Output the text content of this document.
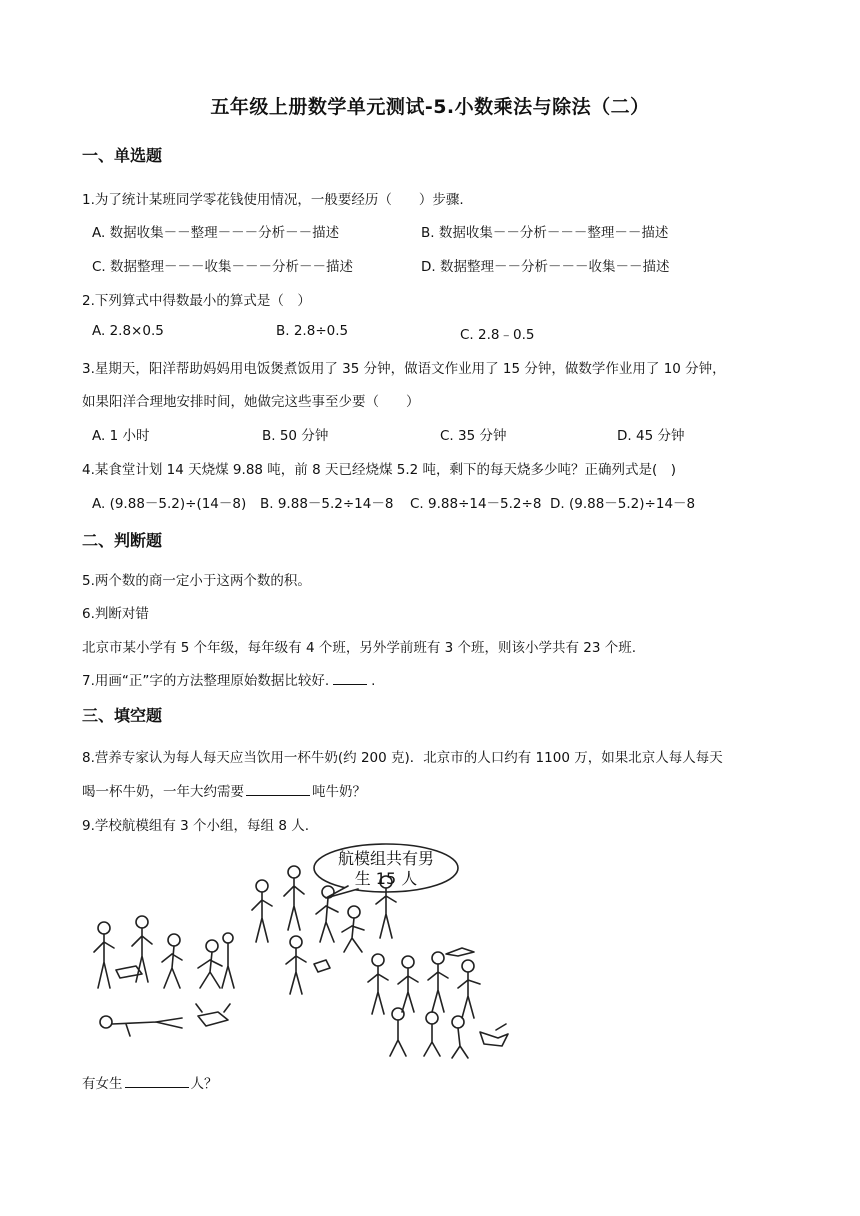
五年级上册数学单元测试-5.小数乘法与除法（二）
一、单选题
1.为了统计某班同学零花钱使用情况，一般要经历（　　）步骤.
A. 数据收集－－整理－－－分析－－描述	B. 数据收集－－分析－－－整理－－描述
C. 数据整理－－－收集－－－分析－－描述	D. 数据整理－－分析－－－收集－－描述
2.下列算式中得数最小的算式是（　）
A. 2.8×0.5	B. 2.8÷0.5	C. 2.8﹣0.5
3.星期天，阳洋帮助妈妈用电饭煲煮饭用了 35 分钟，做语文作业用了 15 分钟，做数学作业用了 10 分钟，
如果阳洋合理地安排时间，她做完这些事至少要（　　）
A. 1 小时	B. 50 分钟	C. 35 分钟	D. 45 分钟
4.某食堂计划 14 天烧煤 9.88 吨，前 8 天已经烧煤 5.2 吨，剩下的每天烧多少吨？正确列式是(　)
A. (9.88－5.2)÷(14－8) B. 9.88－5.2÷14－8 C. 9.88÷14－5.2÷8 D. (9.88－5.2)÷14－8
二、判断题
5.两个数的商一定小于这两个数的积。
6.判断对错
北京市某小学有 5 个年级，每年级有 4 个班，另外学前班有 3 个班，则该小学共有 23 个班.
7.用画“正”字的方法整理原始数据比较好.	.
三、填空题
8.营养专家认为每人每天应当饮用一杯牛奶(约 200 克)．北京市的人口约有 1100 万，如果北京人每人每天
喝一杯牛奶，一年大约需要	吨牛奶？
9.学校航模组有 3 个小组，每组 8 人.
航模组共有男
生 15 人
有女生	人？
